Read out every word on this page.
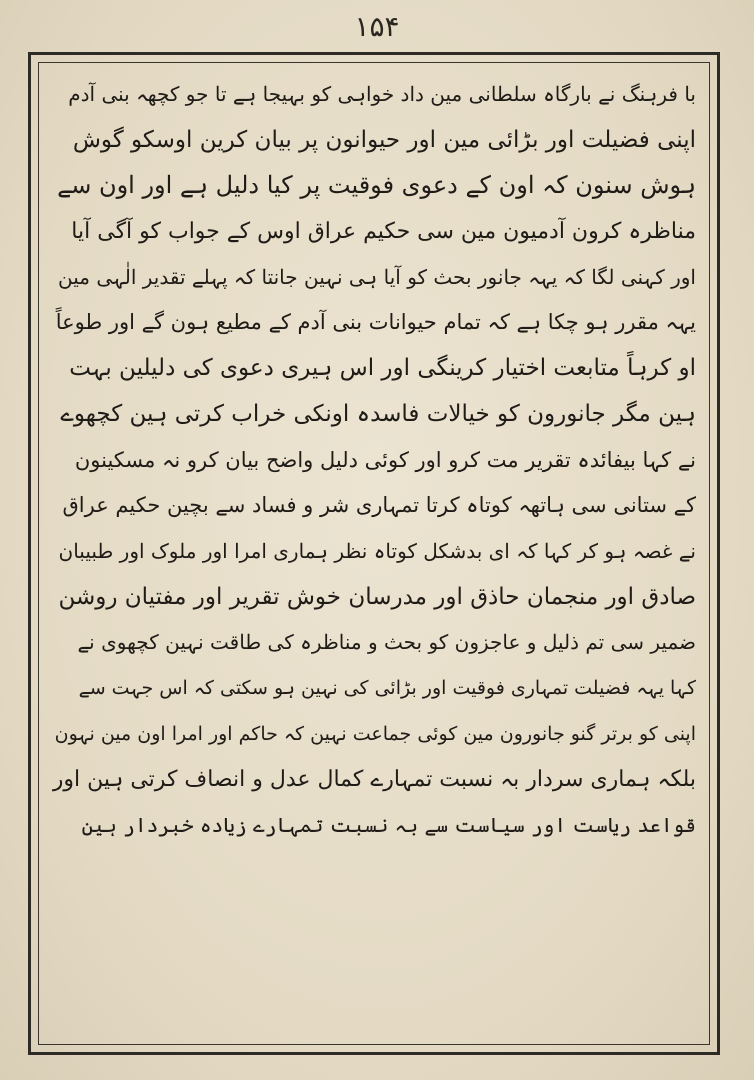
۱۵۴
با فرہنگ نے بارگاہ سلطانی مین داد خواہی کو بہیجا ہے تا جو کچھہ بنی آدم
اپنی فضیلت اور بڑائی مین اور حیوانون پر بیان کرین اوسکو گوش
ہوش سنون کہ اون کے دعوی فوقیت پر کیا دلیل ہے اور اون سے
مناظرہ کرون آدمیون مین سی حکیم عراق اوس کے جواب کو آگی آیا
اور کہنی لگا کہ یہہ جانور بحث کو آیا ہی نہین جانتا کہ پہلے تقدیر الٰہی مین
یہہ مقرر ہو چکا ہے کہ تمام حیوانات بنی آدم کے مطیع ہون گے اور طوعاً
او کرہاً متابعت اختیار کرینگی اور اس ہیری دعوی کی دلیلین بہت
ہین مگر جانورون کو خیالات فاسدہ اونکی خراب کرتی ہین کچھوے
نے کہا بیفائدہ تقریر مت کرو اور کوئی دلیل واضح بیان کرو نہ مسکینون
کے ستانی سی ہاتھہ کوتاہ کرتا تمہاری شر و فساد سے بچین حکیم عراق
نے غصہ ہو کر کہا کہ ای بدشکل کوتاہ نظر ہماری امرا اور ملوک اور طبیبان
صادق اور منجمان حاذق اور مدرسان خوش تقریر اور مفتیان روشن
ضمیر سی تم ذلیل و عاجزون کو بحث و مناظرہ کی طاقت نہین کچھوی نے
کہا یہہ فضیلت تمہاری فوقیت اور بڑائی کی نہین ہو سکتی کہ اس جہت سے
اپنی کو برتر گنو جانورون مین کوئی جماعت نہین کہ حاکم اور امرا اون مین نہون
بلکہ ہماری سردار بہ نسبت تمہارے کمال عدل و انصاف کرتی ہین اور
قواعد ریاست اور سیاست سے بہ نسبت تمہارے زیادہ خبردار ہین
